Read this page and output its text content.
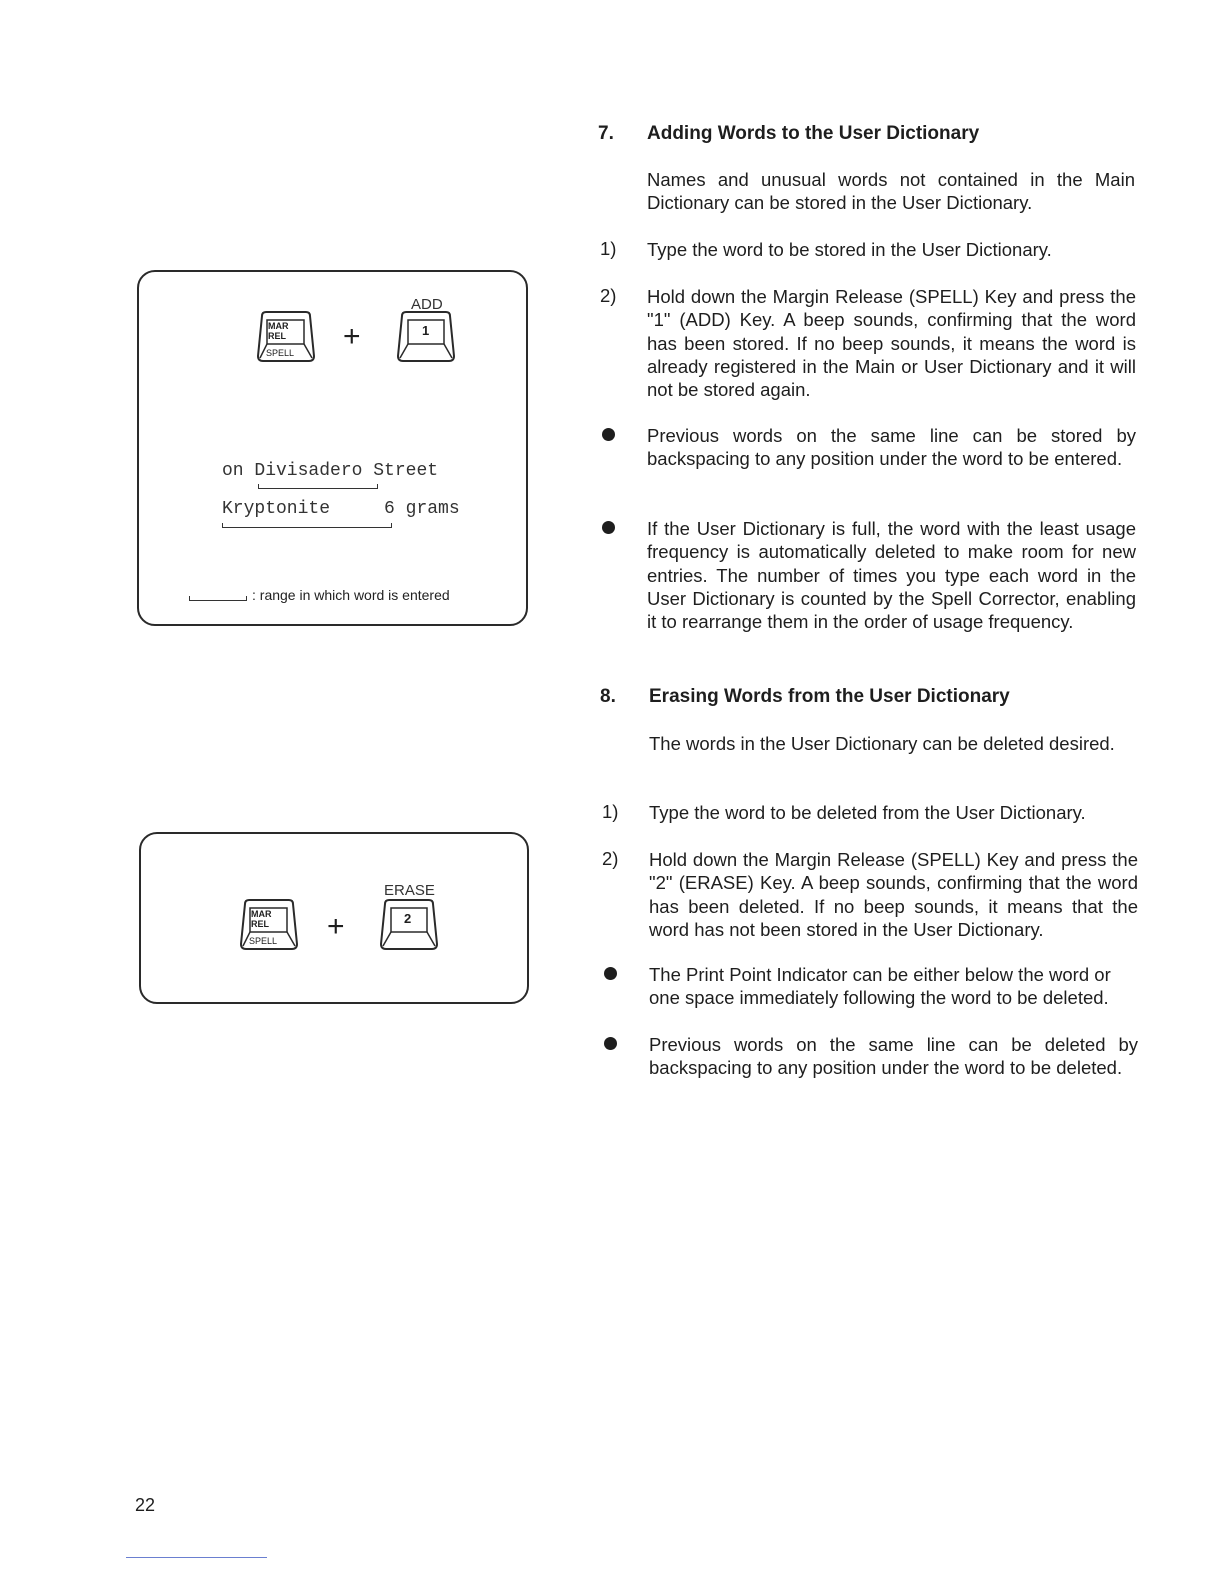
MAR
REL
SPELL +
ADD
1
on Divisadero Street
Kryptonite	6 grams
: range in which word is entered
MAR
REL
SPELL +
ERASE
2
7. Adding Words to the User Dictionary
Names and unusual words not contained in the Main Dictionary can be stored in the User Dictionary.
1) Type the word to be stored in the User Dictionary.
2) Hold down the Margin Release (SPELL) Key and press the "1" (ADD) Key. A beep sounds, confirming that the word has been stored. If no beep sounds, it means the word is already registered in the Main or User Dictionary and it will not be stored again.
Previous words on the same line can be stored by backspacing to any position under the word to be entered.
If the User Dictionary is full, the word with the least usage frequency is automatically deleted to make room for new entries. The number of times you type each word in the User Dictionary is counted by the Spell Corrector, enabling it to rearrange them in the order of usage frequency.
8. Erasing Words from the User Dictionary
The words in the User Dictionary can be deleted desired.
1) Type the word to be deleted from the User Dictionary.
2) Hold down the Margin Release (SPELL) Key and press the "2" (ERASE) Key. A beep sounds, confirming that the word has been deleted. If no beep sounds, it means that the word has not been stored in the User Dictionary.
The Print Point Indicator can be either below the word or one space immediately following the word to be deleted.
Previous words on the same line can be deleted by backspacing to any position under the word to be deleted.
22
